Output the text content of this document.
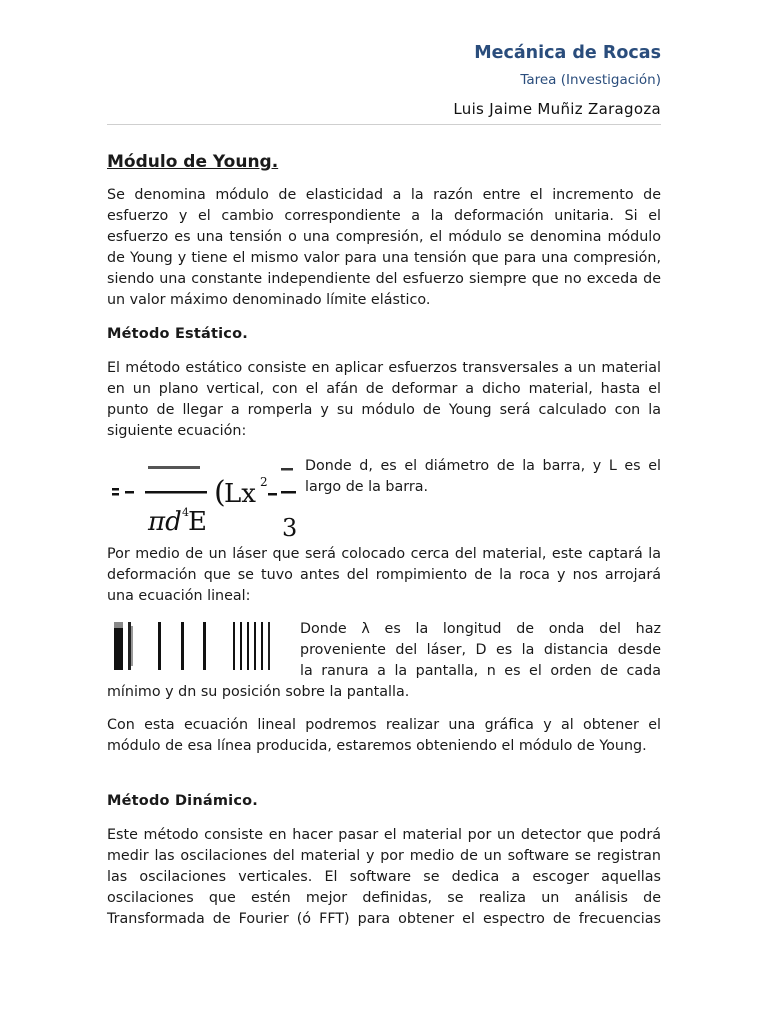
Mecánica de Rocas
Tarea (Investigación)
Luis Jaime Muñiz Zaragoza
Módulo de Young.

Se denomina módulo de elasticidad a la razón entre el incremento de esfuerzo y el cambio correspondiente a la deformación unitaria. Si el esfuerzo es una tensión o una compresión, el módulo se denomina módulo de Young y tiene el mismo valor para una tensión que para una compresión, siendo una constante independiente del esfuerzo siempre que no exceda de un valor máximo denominado límite elástico.

Método Estático.

El método estático consiste en aplicar esfuerzos transversales a un material en un plano vertical, con el afán de deformar a dicho material, hasta el punto de llegar a romperla y su módulo de Young será calculado con la siguiente ecuación:

πd 4 E
(
Lx 2
3
Donde d, es el diámetro de la barra, y L es el largo de la barra.

Por medio de un láser que será colocado cerca del material, este captará la deformación que se tuvo antes del rompimiento de la roca y nos arrojará una ecuación lineal:

Donde λ es la longitud de onda del haz
proveniente del láser, D es la distancia desde
la ranura a la pantalla, n es el orden de cada
mínimo y dn su posición sobre la pantalla.

Con esta ecuación lineal podremos realizar una gráfica y al obtener el módulo de esa línea producida, estaremos obteniendo el módulo de Young.

Método Dinámico.

Este método consiste en hacer pasar el material por un detector que podrá medir las oscilaciones del material y por medio de un software se registran las oscilaciones verticales. El software se dedica a escoger aquellas oscilaciones que estén mejor definidas, se realiza un análisis de Transformada de Fourier (ó FFT) para obtener el espectro de frecuencias
